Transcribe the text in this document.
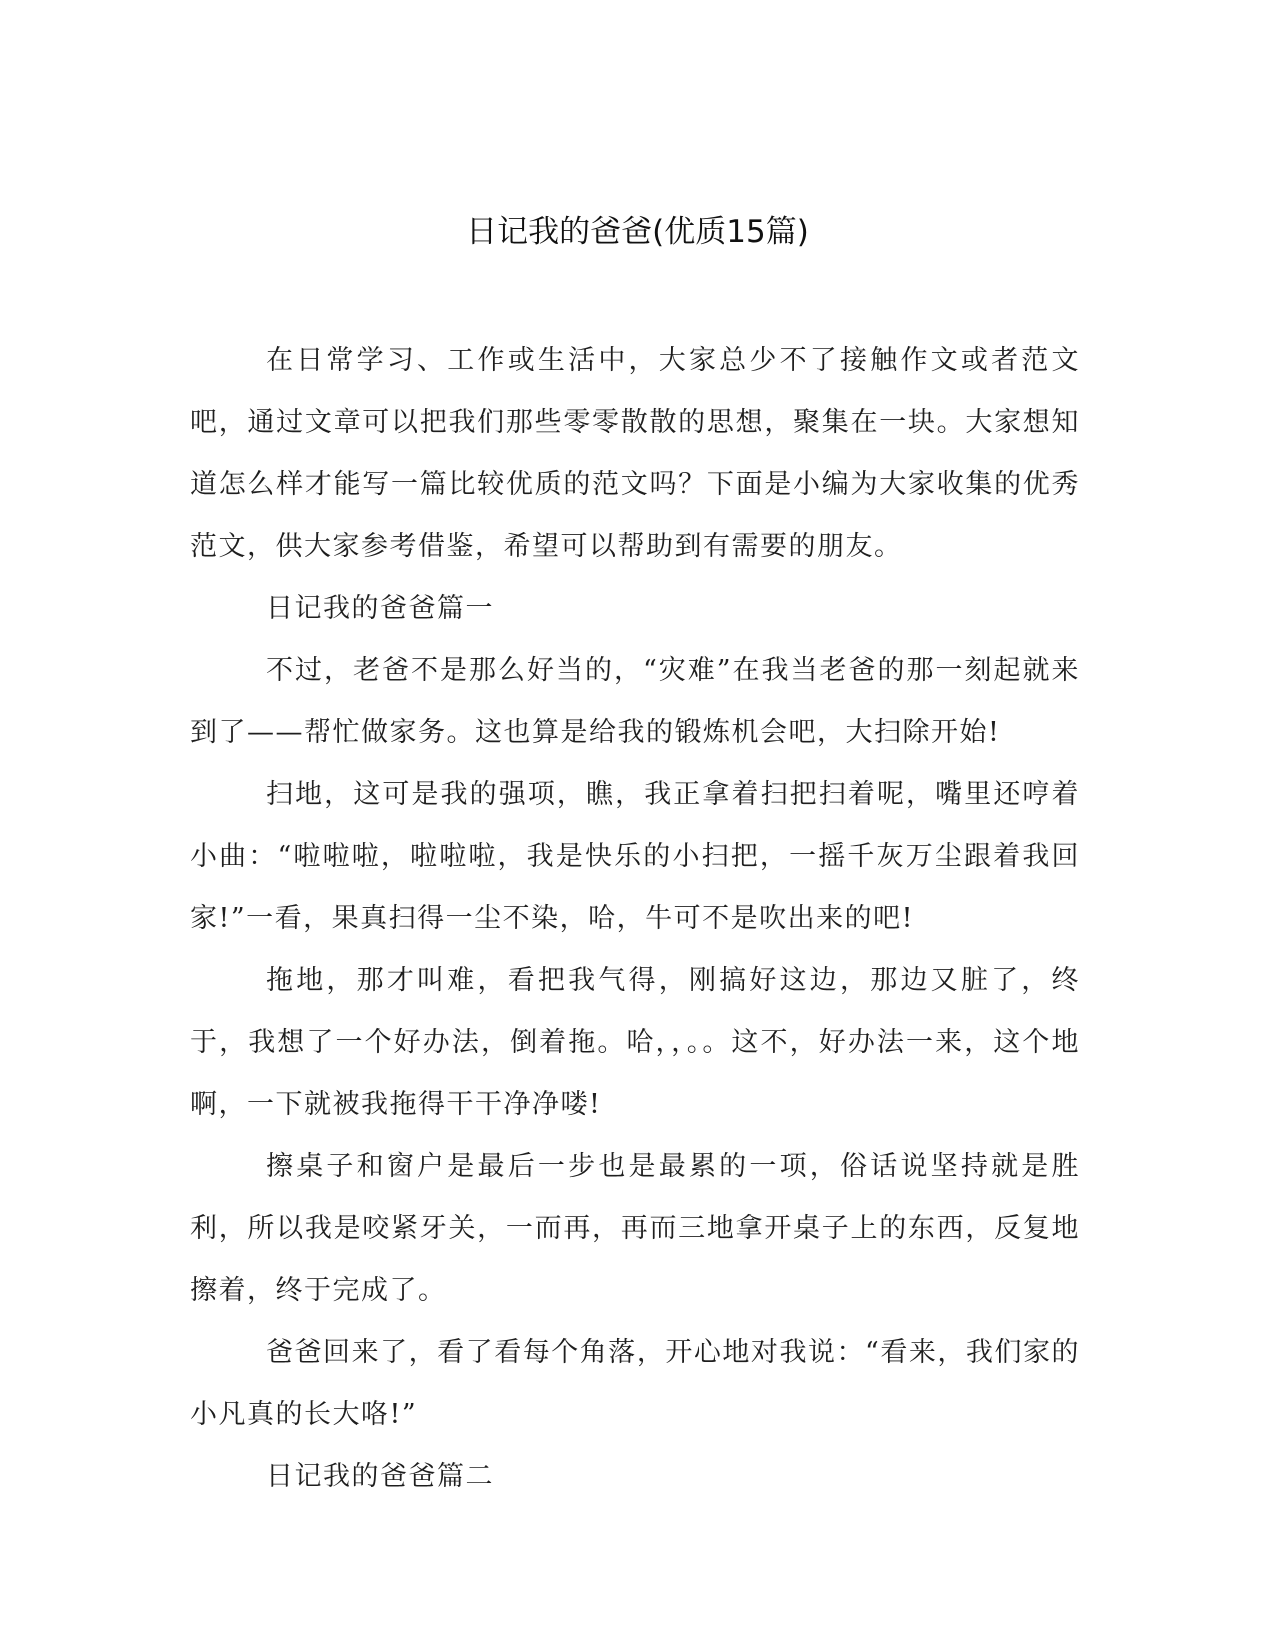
日记我的爸爸(优质15篇)

在日常学习、工作或生活中，大家总少不了接触作文或者范文吧，通过文章可以把我们那些零零散散的思想，聚集在一块。大家想知道怎么样才能写一篇比较优质的范文吗？下面是小编为大家收集的优秀范文，供大家参考借鉴，希望可以帮助到有需要的朋友。

日记我的爸爸篇一

不过，老爸不是那么好当的，“灾难”在我当老爸的那一刻起就来到了——帮忙做家务。这也算是给我的锻炼机会吧，大扫除开始!

扫地，这可是我的强项，瞧，我正拿着扫把扫着呢，嘴里还哼着小曲：“啦啦啦，啦啦啦，我是快乐的小扫把，一摇千灰万尘跟着我回家!”一看，果真扫得一尘不染，哈，牛可不是吹出来的吧!

拖地，那才叫难，看把我气得，刚搞好这边，那边又脏了，终于，我想了一个好办法，倒着拖。哈，，。。这不，好办法一来，这个地啊，一下就被我拖得干干净净喽!

擦桌子和窗户是最后一步也是最累的一项，俗话说坚持就是胜利，所以我是咬紧牙关，一而再，再而三地拿开桌子上的东西，反复地擦着，终于完成了。

爸爸回来了，看了看每个角落，开心地对我说：“看来，我们家的小凡真的长大咯!”

日记我的爸爸篇二
